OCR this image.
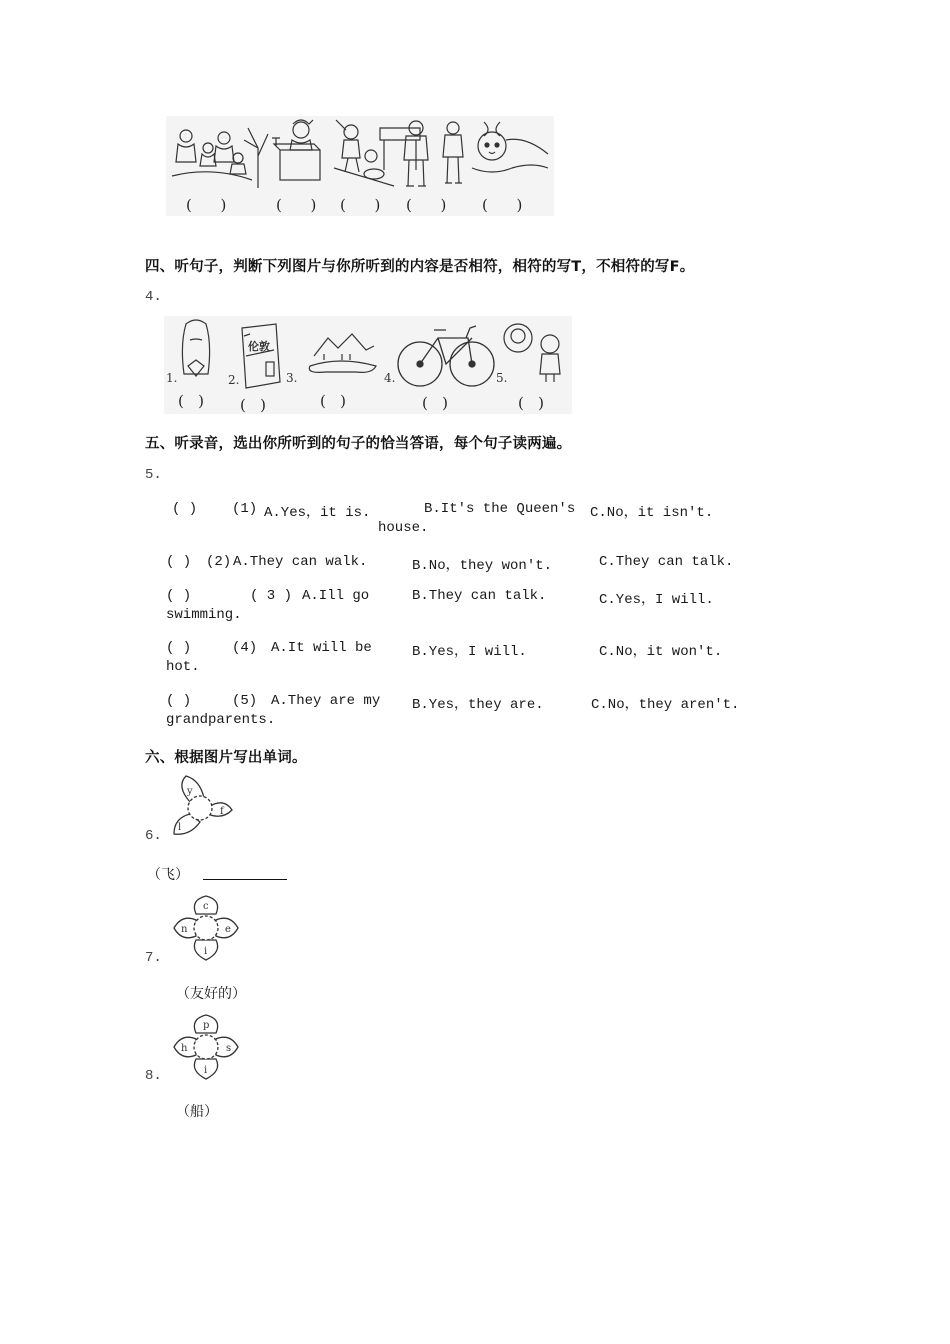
( )	( ) ( ) ( ) ( )
四、听句子，判断下列图片与你所听到的内容是否相符，相符的写T，不相符的写F。
4.
伦敦
1.	2.	3.	4.	5.
(   ) (   )	(   )	(   )	(   )
五、听录音，选出你所听到的句子的恰当答语，每个句子读两遍。
5.
( ) (1) A.Yes，it is.	B.It's the Queen's
house.
C.No，it isn't.
( ) (2) A.They can walk.	B.No，they won't.	C.They can talk.
( )	( 3 ) A.Ill go
swimming.
B.They can talk.	C.Yes，I will.
( )	(4) A.It will be
hot.
B.Yes，I will.	C.No，it won't.
( )	(5) A.They are my
grandparents.
B.Yes，they are.	C.No，they aren't.
六、根据图片写出单词。
6.
y
f
l
（飞）
7.
c
e
i
n
（友好的）
8.
p
s
i
h
（船）
